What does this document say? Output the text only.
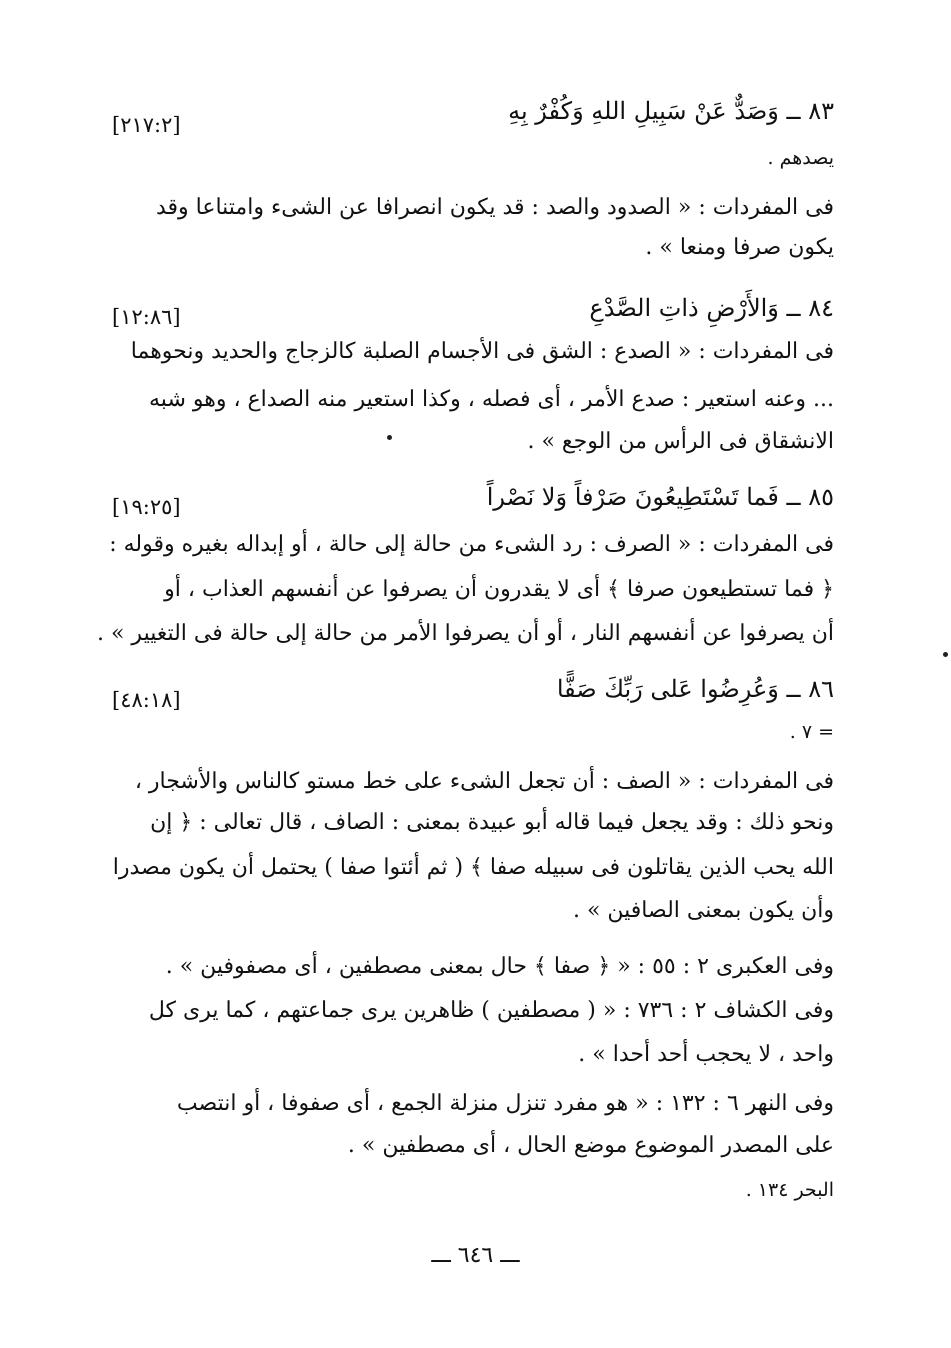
٨٣ ــ وَصَدٌّ عَنْ سَبِيلِ اللهِ وَكُفْرٌ بِهِ
[٢١٧:٢]
يصدهم .
فى المفردات : « الصدود والصد : قد يكون انصرافا عن الشىء وامتناعا وقد
يكون صرفا ومنعا » .
٨٤ ــ وَالأَرْضِ ذاتِ الصَّدْعِ
[١٢:٨٦]
فى المفردات : « الصدع : الشق فى الأجسام الصلبة كالزجاج والحديد ونحوهما
... وعنه استعير : صدع الأمر ، أى فصله ، وكذا استعير منه الصداع ، وهو شبه
الانشقاق فى الرأس من الوجع » .
٨٥ ــ فَما تَسْتَطِيعُونَ صَرْفاً وَلا نَصْراً
[١٩:٢٥]
فى المفردات : « الصرف : رد الشىء من حالة إلى حالة ، أو إبداله بغيره وقوله :
﴿ فما تستطيعون صرفا ﴾ أى لا يقدرون أن يصرفوا عن أنفسهم العذاب ، أو
أن يصرفوا عن أنفسهم النار ، أو أن يصرفوا الأمر من حالة إلى حالة فى التغيير » .
٨٦ ــ وَعُرِضُوا عَلى رَبِّكَ صَفًّا
[٤٨:١٨]
= ٧ .
فى المفردات : « الصف : أن تجعل الشىء على خط مستو كالناس والأشجار ،
ونحو ذلك : وقد يجعل فيما قاله أبو عبيدة بمعنى : الصاف ، قال تعالى : ﴿ إن
الله يحب الذين يقاتلون فى سبيله صفا ﴾ ( ثم أئتوا صفا ) يحتمل أن يكون مصدرا
وأن يكون بمعنى الصافين » .
وفى العكبرى ٢ : ٥٥ : « ﴿ صفا ﴾ حال بمعنى مصطفين ، أى مصفوفين » .
وفى الكشاف ٢ : ٧٣٦ : « ( مصطفين ) ظاهرين يرى جماعتهم ، كما يرى كل
واحد ، لا يحجب أحد أحدا » .
وفى النهر ٦ : ١٣٢ : « هو مفرد تنزل منزلة الجمع ، أى صفوفا ، أو انتصب
على المصدر الموضوع موضع الحال ، أى مصطفين » .
البحر ١٣٤ .
ـــ ٦٤٦ ـــ
